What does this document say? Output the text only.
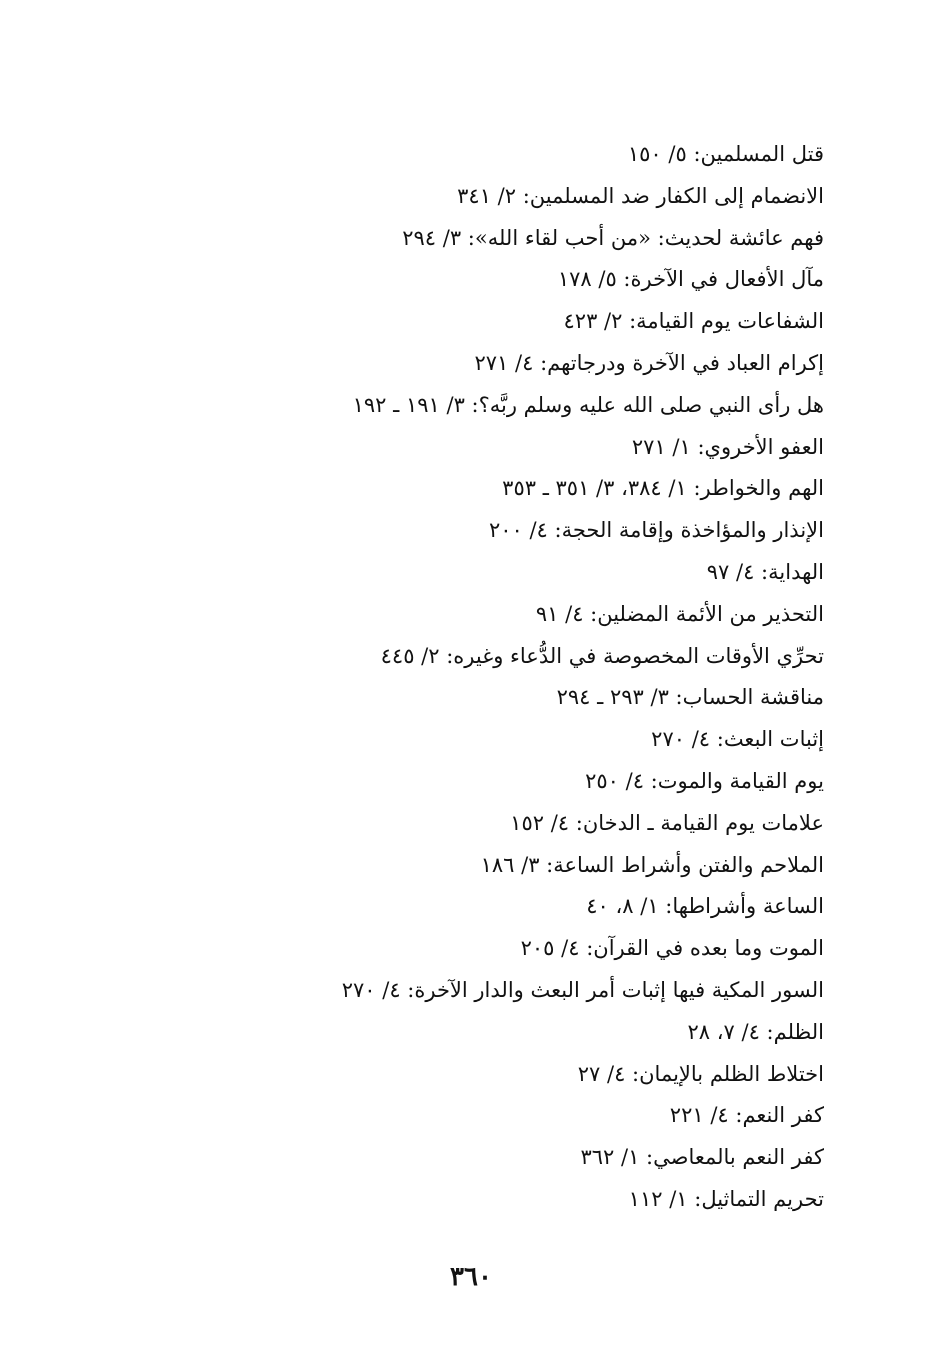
قتل المسلمين: ٥/ ١٥٠
الانضمام إلى الكفار ضد المسلمين: ٢/ ٣٤١
فهم عائشة لحديث: «من أحب لقاء الله»: ٣/ ٢٩٤
مآل الأفعال في الآخرة: ٥/ ١٧٨
الشفاعات يوم القيامة: ٢/ ٤٢٣
إكرام العباد في الآخرة ودرجاتهم: ٤/ ٢٧١
هل رأى النبي صلى الله عليه وسلم ربَّه؟: ٣/ ١٩١ ـ ١٩٢
العفو الأخروي: ١/ ٢٧١
الهم والخواطر: ١/ ٣٨٤، ٣/ ٣٥١ ـ ٣٥٣
الإنذار والمؤاخذة وإقامة الحجة: ٤/ ٢٠٠
الهداية: ٤/ ٩٧
التحذير من الأئمة المضلين: ٤/ ٩١
تحرِّي الأوقات المخصوصة في الدُّعاء وغيره: ٢/ ٤٤٥
مناقشة الحساب: ٣/ ٢٩٣ ـ ٢٩٤
إثبات البعث: ٤/ ٢٧٠
يوم القيامة والموت: ٤/ ٢٥٠
علامات يوم القيامة ـ الدخان: ٤/ ١٥٢
الملاحم والفتن وأشراط الساعة: ٣/ ١٨٦
الساعة وأشراطها: ١/ ٨، ٤٠
الموت وما بعده في القرآن: ٤/ ٢٠٥
السور المكية فيها إثبات أمر البعث والدار الآخرة: ٤/ ٢٧٠
الظلم: ٤/ ٧، ٢٨
اختلاط الظلم بالإيمان: ٤/ ٢٧
كفر النعم: ٤/ ٢٢١
كفر النعم بالمعاصي: ١/ ٣٦٢
تحريم التماثيل: ١/ ١١٢
٣٦٠
